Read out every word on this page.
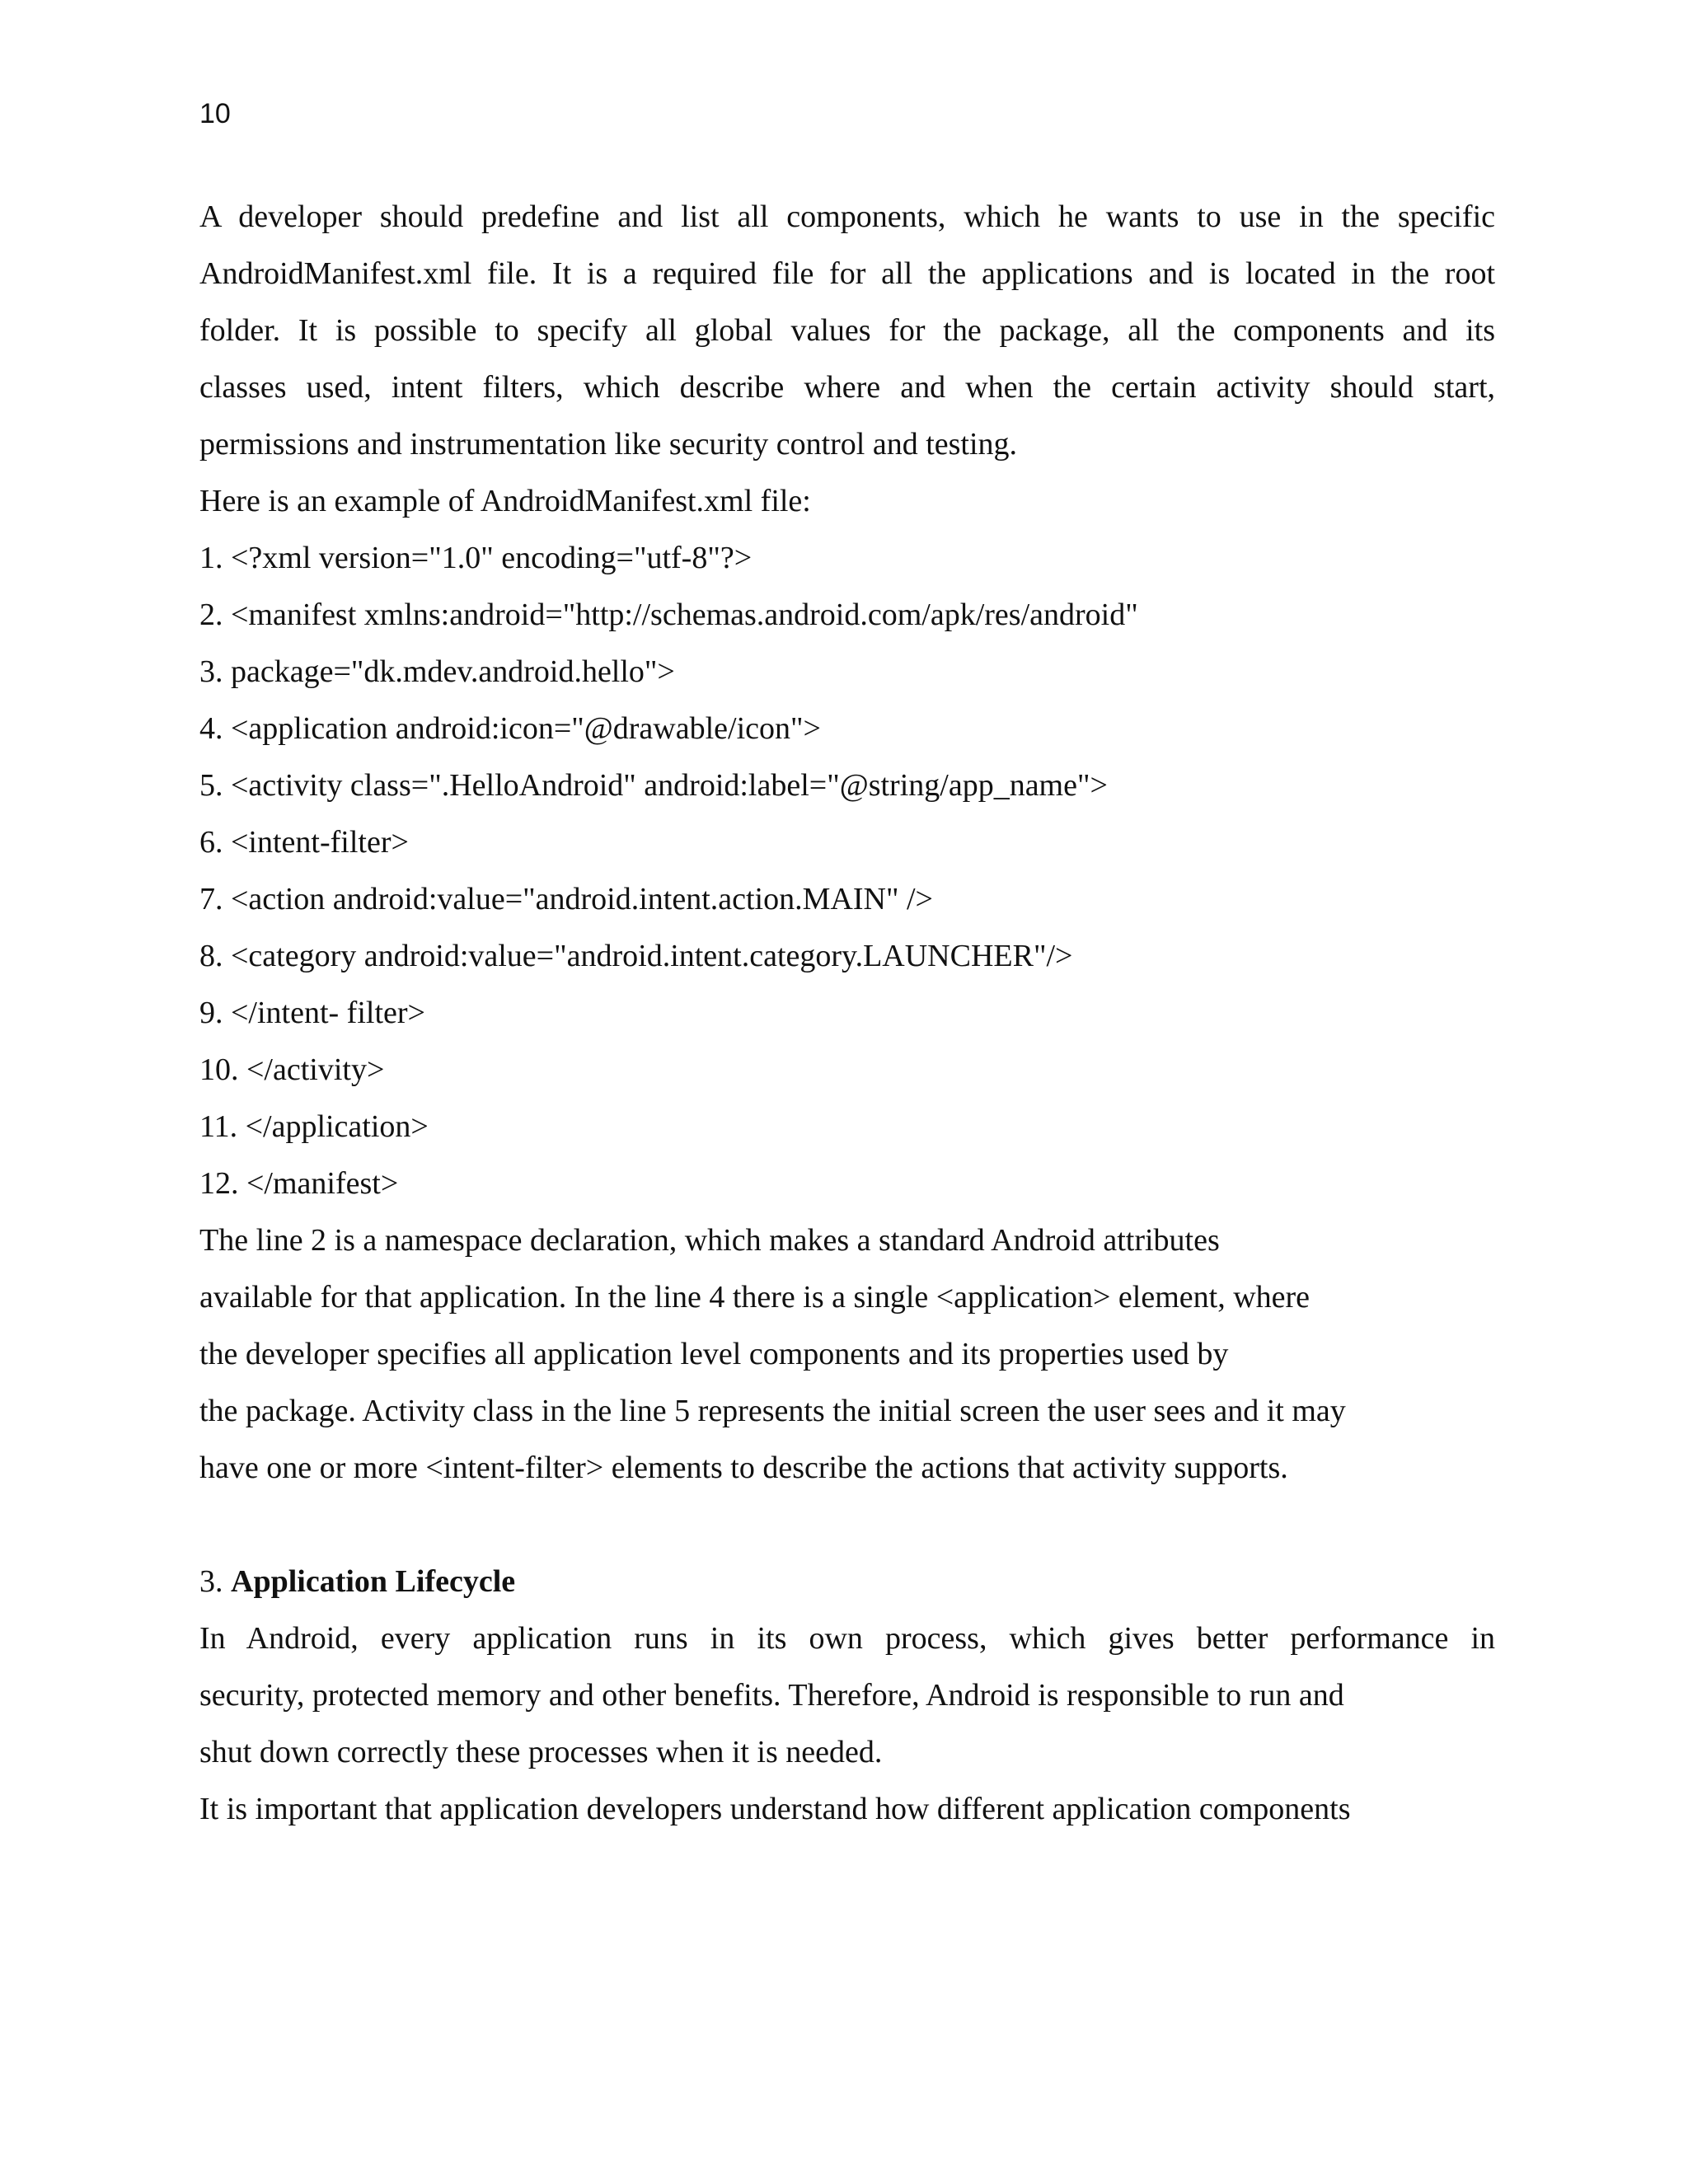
10
A developer should predefine and list all components, which he wants to use in the specific
AndroidManifest.xml file. It is a required file for all the applications and is located in the root
folder. It is possible to specify all global values for the package, all the components and its
classes used, intent filters, which describe where and when the certain activity should start,
permissions and instrumentation like security control and testing.
Here is an example of AndroidManifest.xml file:
1. <?xml version="1.0" encoding="utf-8"?>
2. <manifest xmlns:android="http://schemas.android.com/apk/res/android"
3. package="dk.mdev.android.hello">
4. <application android:icon="@drawable/icon">
5. <activity class=".HelloAndroid" android:label="@string/app_name">
6. <intent-filter>
7. <action android:value="android.intent.action.MAIN" />
8. <category android:value="android.intent.category.LAUNCHER"/>
9. </intent- filter>
10. </activity>
11. </application>
12. </manifest>
The line 2 is a namespace declaration, which makes a standard Android attributes
available for that application. In the line 4 there is a single <application> element, where
the developer specifies all application level components and its properties used by
the package. Activity class in the line 5 represents the initial screen the user sees and it may
have one or more <intent-filter> elements to describe the actions that activity supports.
3. Application Lifecycle
In Android, every application runs in its own process, which gives better performance in
security, protected memory and other benefits. Therefore, Android is responsible to run and
shut down correctly these processes when it is needed.
It is important that application developers understand how different application components
